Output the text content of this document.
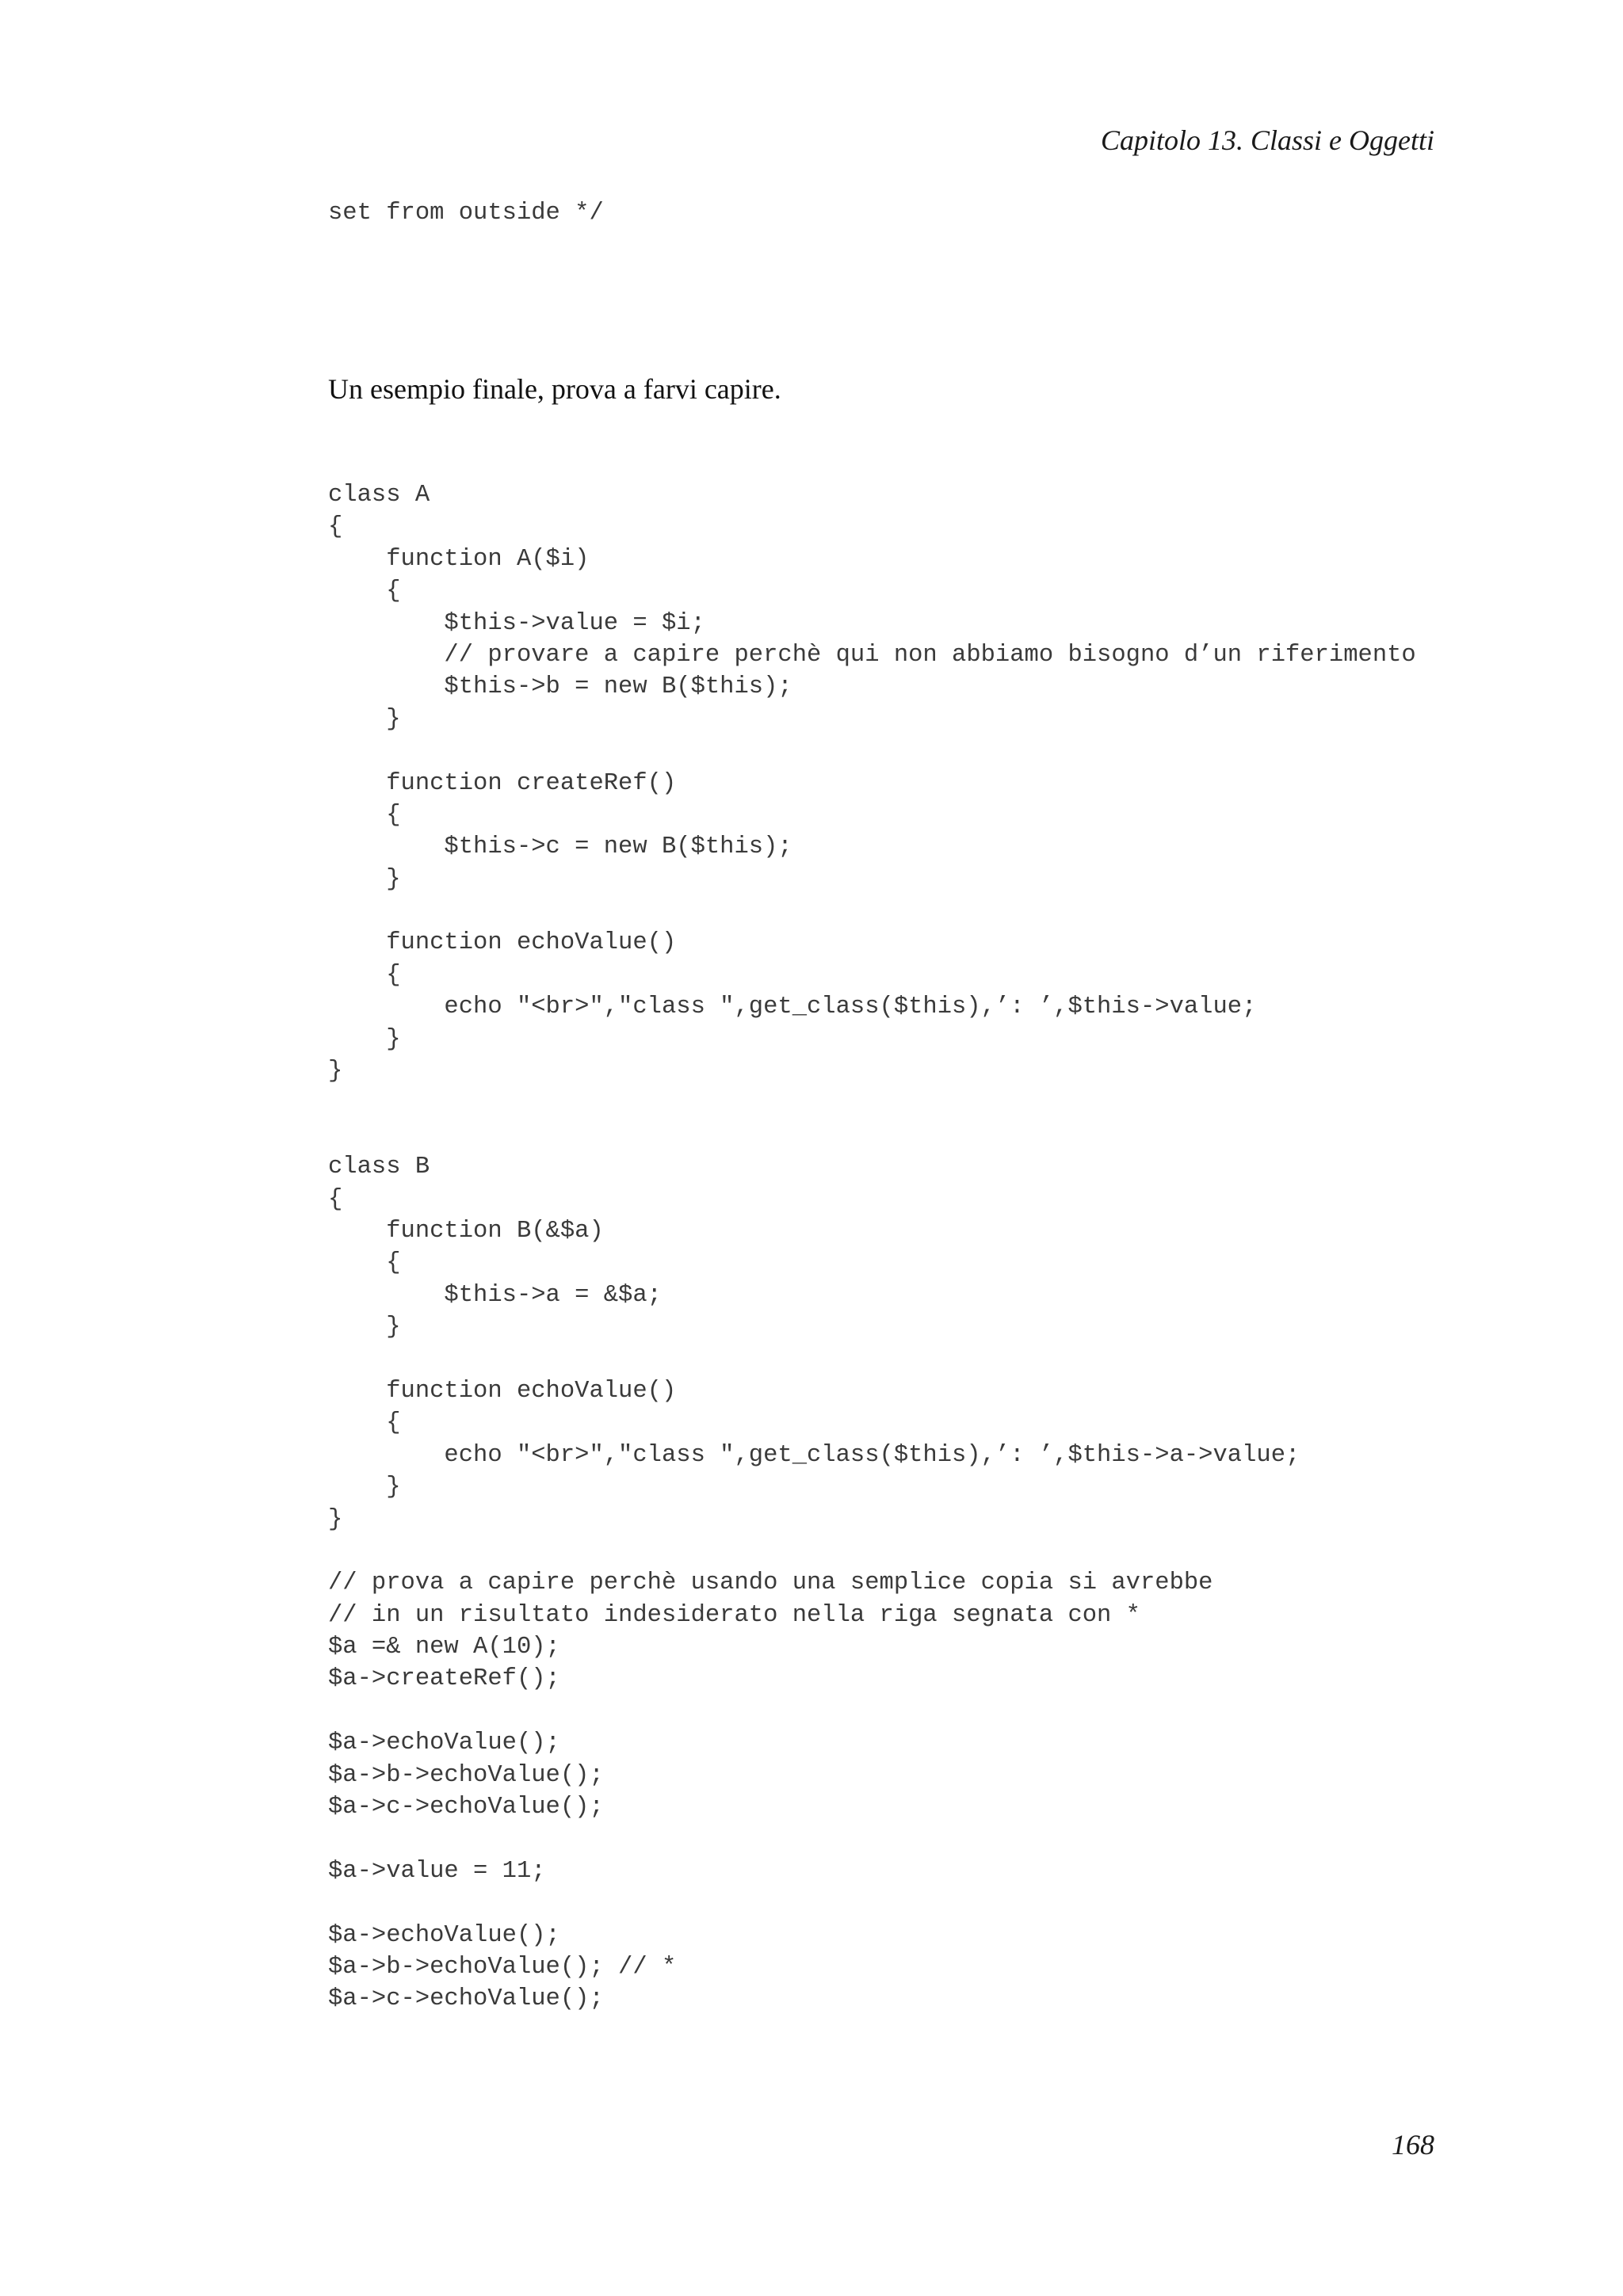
Capitolo 13. Classi e Oggetti
set from outside */

Un esempio finale, prova a farvi capire.

class A
{
function A($i)
{
$this->value = $i;
// provare a capire perchè qui non abbiamo bisogno d’un riferimento
$this->b = new B($this);
}
function createRef()
{
$this->c = new B($this);
}
function echoValue()
{
echo "<br>","class ",get_class($this),’: ’,$this->value;
}
}
class B
{
function B(&$a)
{
$this->a = &$a;
}
function echoValue()
{
echo "<br>","class ",get_class($this),’: ’,$this->a->value;
}
}
// prova a capire perchè usando una semplice copia si avrebbe
// in un risultato indesiderato nella riga segnata con *
$a =& new A(10);
$a->createRef();
$a->echoValue();
$a->b->echoValue();
$a->c->echoValue();
$a->value = 11;
$a->echoValue();
$a->b->echoValue(); // *
$a->c->echoValue();
168
